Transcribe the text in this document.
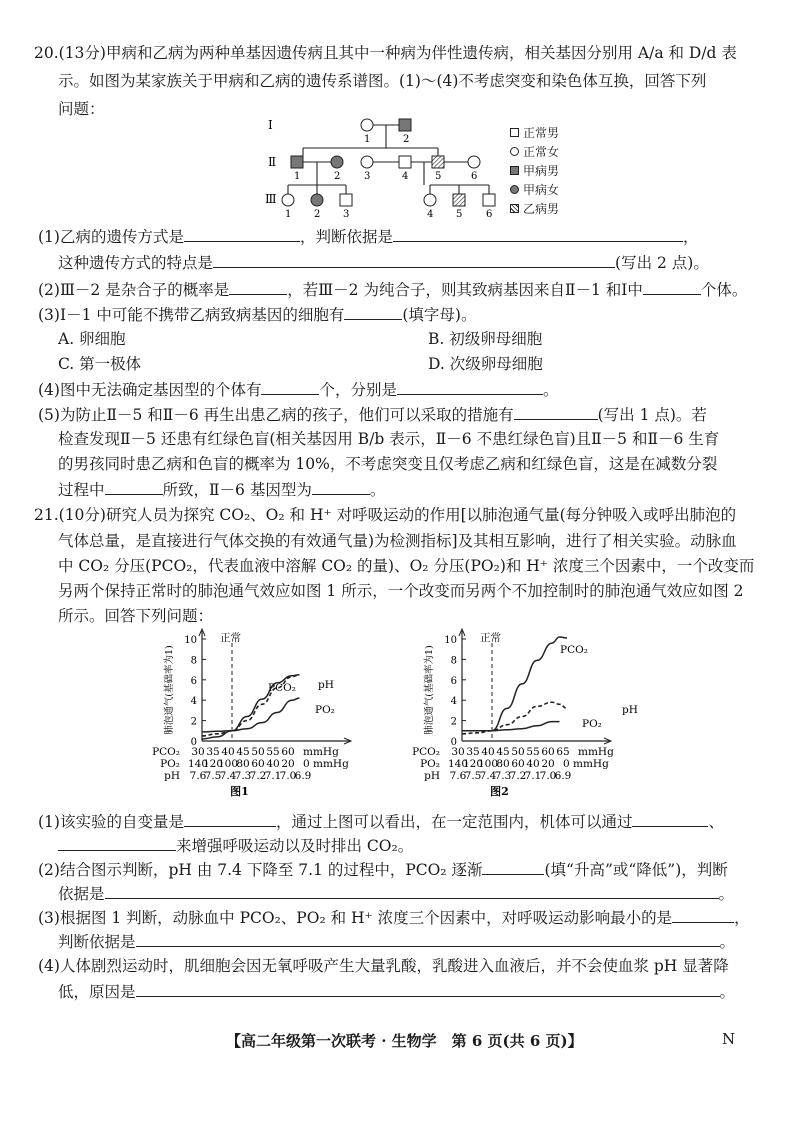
20.(13分)甲病和乙病为两种单基因遗传病且其中一种病为伴性遗传病，相关基因分别用 A/a 和 D/d 表
示。如图为某家族关于甲病和乙病的遗传系谱图。(1)～(4)不考虑突变和染色体互换，回答下列
问题：
Ⅰ
Ⅱ
Ⅲ
1	2
1	2 3	4	5	6
1 2 3	4 5 6
正常男
正常女
甲病男
甲病女
乙病男
(1)乙病的遗传方式是	，判断依据是	，
这种遗传方式的特点是	(写出 2 点)。
(2)Ⅲ－2 是杂合子的概率是	，若Ⅲ－2 为纯合子，则其致病基因来自Ⅱ－1 和Ⅰ中	个体。
(3)Ⅰ－1 中可能不携带乙病致病基因的细胞有	(填字母)。
A. 卵细胞	B. 初级卵母细胞
C. 第一极体	D. 次级卵母细胞
(4)图中无法确定基因型的个体有	个，分别是	。
(5)为防止Ⅱ－5 和Ⅱ－6 再生出患乙病的孩子，他们可以采取的措施有	(写出 1 点)。若
检查发现Ⅱ－5 还患有红绿色盲(相关基因用 B/b 表示，Ⅱ－6 不患红绿色盲)且Ⅱ－5 和Ⅱ－6 生育
的男孩同时患乙病和色盲的概率为 10%，不考虑突变且仅考虑乙病和红绿色盲，这是在减数分裂
过程中	所致，Ⅱ－6 基因型为	。
21.(10分)研究人员为探究 CO₂、O₂ 和 H⁺ 对呼吸运动的作用[以肺泡通气量(每分钟吸入或呼出肺泡的
气体总量，是直接进行气体交换的有效通气量)为检测指标]及其相互影响，进行了相关实验。动脉血
中 CO₂ 分压(PCO₂，代表血液中溶解 CO₂ 的量)、O₂ 分压(PO₂)和 H⁺ 浓度三个因素中，一个改变而
另两个保持正常时的肺泡通气效应如图 1 所示，一个改变而另两个不加控制时的肺泡通气效应如图 2
所示。回答下列问题：
0
2
4
6
8
10
肺泡通气(基础率为1)
正常
PCO₂ pH
PO₂
PCO₂ 30 35 40 45 50 55 60 mmHg
PO₂ 140
120
100
80 60 40 20 0 mmHg
pH 7.6
7.5
7.4
7.3
7.2
7.1
7.0
6.9
图1
0
2
4
6
8
10
肺泡通气(基础率为1)
正常
PCO₂
pH
PO₂
PCO₂ 30 35 40 45 50 55 60 65 mmHg
PO₂ 140
120
100
80 60 40 20 0 mmHg
pH 7.6
7.5
7.4
7.3
7.2
7.1
7.0
6.9
图2
(1)该实验的自变量是	，通过上图可以看出，在一定范围内，机体可以通过	、
来增强呼吸运动以及时排出 CO₂。
(2)结合图示判断，pH 由 7.4 下降至 7.1 的过程中，PCO₂ 逐渐	(填“升高”或“降低”)，判断
依据是	。
(3)根据图 1 判断，动脉血中 PCO₂、PO₂ 和 H⁺ 浓度三个因素中，对呼吸运动影响最小的是	，
判断依据是	。
(4)人体剧烈运动时，肌细胞会因无氧呼吸产生大量乳酸，乳酸进入血液后，并不会使血浆 pH 显著降
低，原因是	。
【高二年级第一次联考 · 生物学　第 6 页(共 6 页)】	N
